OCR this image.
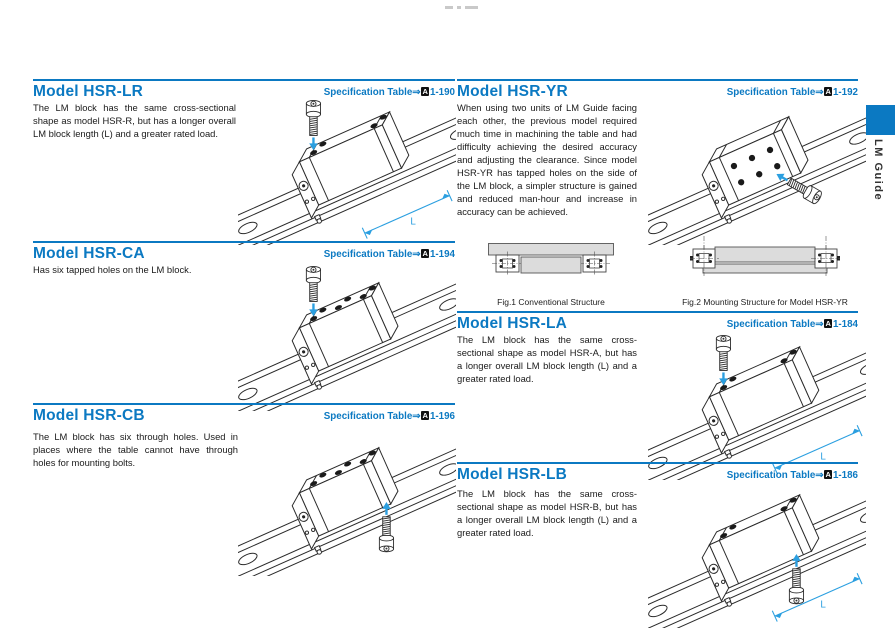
Model HSR-LR	Specification Table⇒ A 1-190

The LM block has the same cross-sectional shape as model HSR-R, but has a longer overall LM block length (L) and a greater rated load.

L
Model HSR-CA	Specification Table⇒ A 1-194

Has six tapped holes on the LM block.

Model HSR-CB	Specification Table⇒ A 1-196

The LM block has six through holes. Used in places where the table cannot have through holes for mounting bolts.

Model HSR-YR	Specification Table⇒ A 1-192

When using two units of LM Guide facing each other, the previous model required much time in machining the table and had difficulty achieving the desired accuracy and adjusting the clearance. Since model HSR-YR has tapped holes on the side of the LM block, a simpler structure is gained and reduced man-hour and increase in accuracy can be achieved.

Fig.1 Conventional Structure	Fig.2 Mounting Structure for Model HSR-YR
Model HSR-LA	Specification Table⇒ A 1-184

The LM block has the same cross-sectional shape as model HSR-A, but has a longer overall LM block length (L) and a greater rated load.

L
Model HSR-LB	Specification Table⇒ A 1-186

The LM block has the same cross-sectional shape as model HSR-B, but has a longer overall LM block length (L) and a greater rated load.

L
LM Guide
